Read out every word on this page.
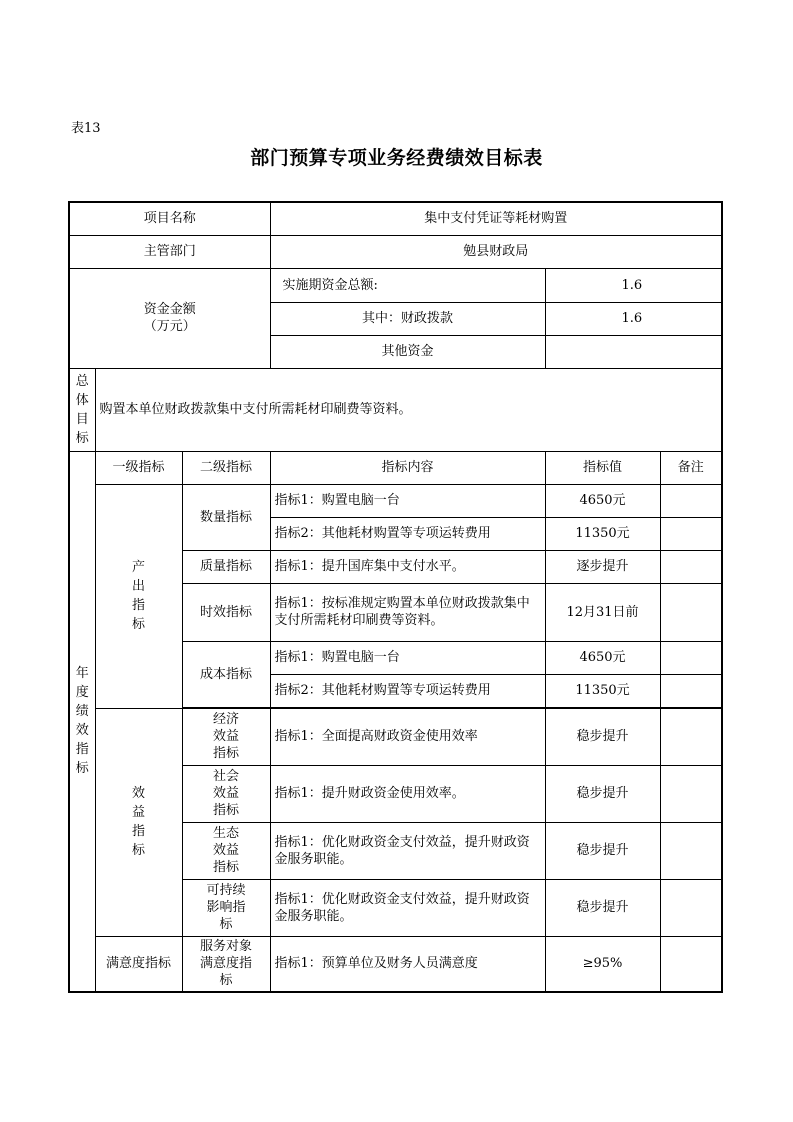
表13
部门预算专项业务经费绩效目标表
项目名称			集中支付凭证等耗材购置		
主管部门			勉县财政局		

资金金额
（万元）			实施期资金总额:	1.6	
			其中：财政拨款	1.6	
			其他资金		
总体目标	购置本单位财政拨款集中支付所需耗材印刷费等资料。				
年度绩效指标	一级指标	二级指标	指标内容	指标值	备注
	产出指标	数量指标	指标1：购置电脑一台	4650元	
			指标2：其他耗材购置等专项运转费用	11350元	
		质量指标	指标1：提升国库集中支付水平。	逐步提升	
		时效指标	指标1：按标准规定购置本单位财政拨款集中支付所需耗材印刷费等资料。	12月31日前	
		成本指标	指标1：购置电脑一台	4650元	
			指标2：其他耗材购置等专项运转费用	11350元	

	效益指标	经济效益指标	指标1：全面提高财政资金使用效率	稳步提升	
		社会效益指标	指标1：提升财政资金使用效率。	稳步提升	
		生态效益指标	指标1：优化财政资金支付效益，提升财政资金服务职能。	稳步提升	
		可持续影响指标	指标1：优化财政资金支付效益，提升财政资金服务职能。	稳步提升	
	满意度指标	服务对象满意度指标	指标1：预算单位及财务人员满意度	≥95%	
